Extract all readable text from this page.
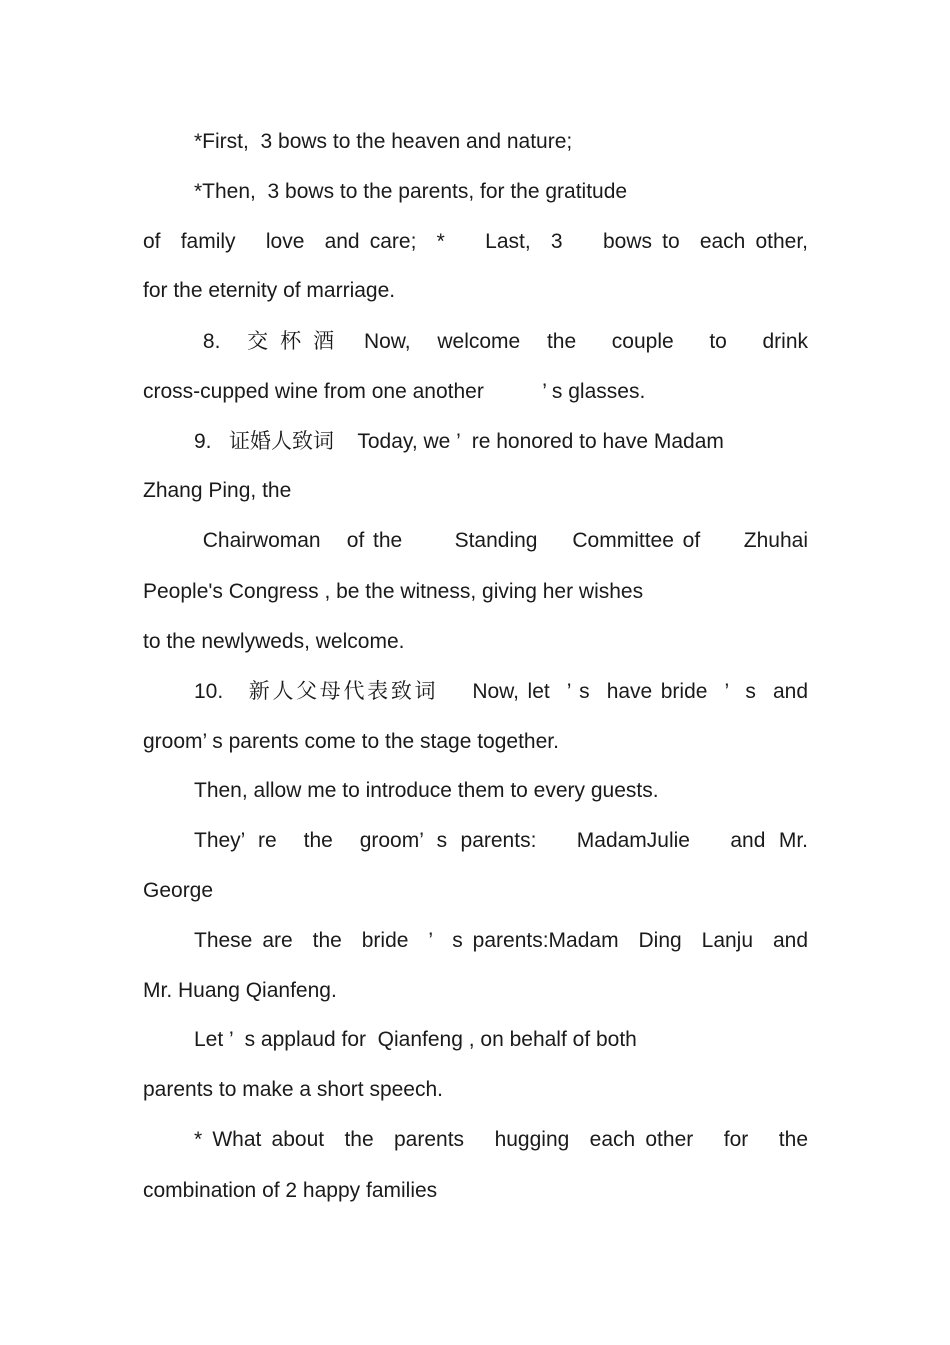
*First,  3 bows to the heaven and nature;

*Then,  3 bows to the parents, for the gratitude

of  family   love  and care;  *    Last,  3    bows to  each other,

for the eternity of marriage.

8.   交 杯 酒   Now,   welcome   the    couple    to    drink

cross-cupped wine from one another          ’ s glasses.

9.   证婚人致词    Today, we ’  re honored to have Madam

Zhang Ping, the

Chairwoman   of the      Standing    Committee of     Zhuhai

People's Congress , be the witness, giving her wishes

to the newlyweds, welcome.

10.   新人父母代表致词    Now, let  ’ s  have bride  ’  s  and

groom’ s parents come to the stage together.

Then, allow me to introduce them to every guests.

They’ re  the  groom’ s parents:   MadamJulie   and Mr.

George

These are  the  bride  ’  s parents:Madam  Ding  Lanju  and

Mr. Huang Qianfeng.

Let ’  s applaud for  Qianfeng , on behalf of both

parents to make a short speech.

* What about  the  parents   hugging  each other   for   the

combination of 2 happy families
